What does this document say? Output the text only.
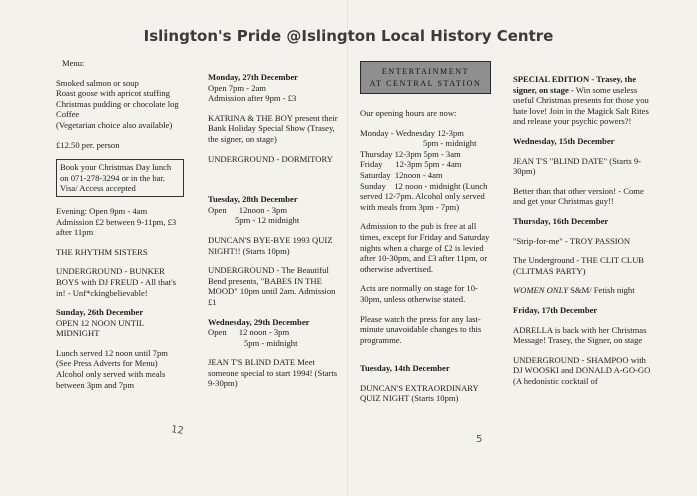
Islington's Pride @Islington Local History Centre

Menu:

Smoked salmon or soup
Roast goose with apricot stuffing
Christmas pudding or chocolate log
Coffee
(Vegetarian choice also available)

£12.50 per. person

Book your Christmas Day lunch on 071-278-3294 or in the bar. Visa/ Access accepted

Evening: Open 9pm - 4am Admission £2 between 9-11pm, £3 after 11pm

THE RHYTHM SISTERS

UNDERGROUND - BUNKER BOYS with DJ FREUD - All that's in! - Unf*ckingbelievable!

Sunday, 26th December

OPEN 12 NOON UNTIL MIDNIGHT

Lunch served 12 noon until 7pm (See Press Adverts for Menu) Alcohol only served with meals between 3pm and 7pm

Monday, 27th December
Open 7pm - 2am

Admission after 9pm - £3

KATRINA & THE BOY present their Bank Holiday Special Show (Trasey, the signer, on stage)

UNDERGROUND - DORMITORY

Tuesday, 28th December
Open 12noon - 3pm

5pm - 12 midnight

DUNCAN'S BYE-BYE 1993 QUIZ NIGHT!! (Starts 10pm)

UNDERGROUND - The Beautiful Bend presents, "BABES IN THE MOOD" 10pm until 2am. Admission £1

Wednesday, 29th December
Open 12 noon - 3pm

5pm - midnight

JEAN T'S BLIND DATE Meet someone special to start 1994! (Starts 9-30pm)

ENTERTAINMENT
AT CENTRAL STATION

Our opening hours are now:

Monday - Wednesday 12-3pm
5pm - midnight
Thursday 12-3pm 5pm - 3am
Friday      12-3pm 5pm - 4am
Saturday  12noon - 4am
Sunday    12 noon - midnight (Lunch served 12-7pm. Alcohol only served with meals from 3pm - 7pm)

Admission to the pub is free at all times, except for Friday and Saturday nights when a charge of £2 is levied after 10-30pm, and £3 after 11pm, or otherwise advertised.

Acts are normally on stage for 10-30pm, unless otherwise stated.

Please watch the press for any last-minute unavoidable changes to this programme.

Tuesday, 14th December

DUNCAN'S EXTRAORDINARY QUIZ NIGHT (Starts 10pm)

SPECIAL EDITION - Trasey, the signer, on stage - Win some useless useful Christmas presents for those you hate love! Join in the Magick Salt Rites and release your psychic powers?!

Wednesday, 15th December

JEAN T'S "BLIND DATE" (Starts 9-30pm)

Better than that other version! - Come and get your Christmas guy!!

Thursday, 16th December

"Strip-for-me" - TROY PASSION

The Underground - THE CLIT CLUB (CLITMAS PARTY)

WOMEN ONLY S&M/ Fetish night

Friday, 17th December

ADRELLA is back with her Christmas Message! Trasey, the Signer, on stage

UNDERGROUND - SHAMPOO with DJ WOOSKI and DONALD A-GO-GO (A hedonistic cocktail of

12
5
